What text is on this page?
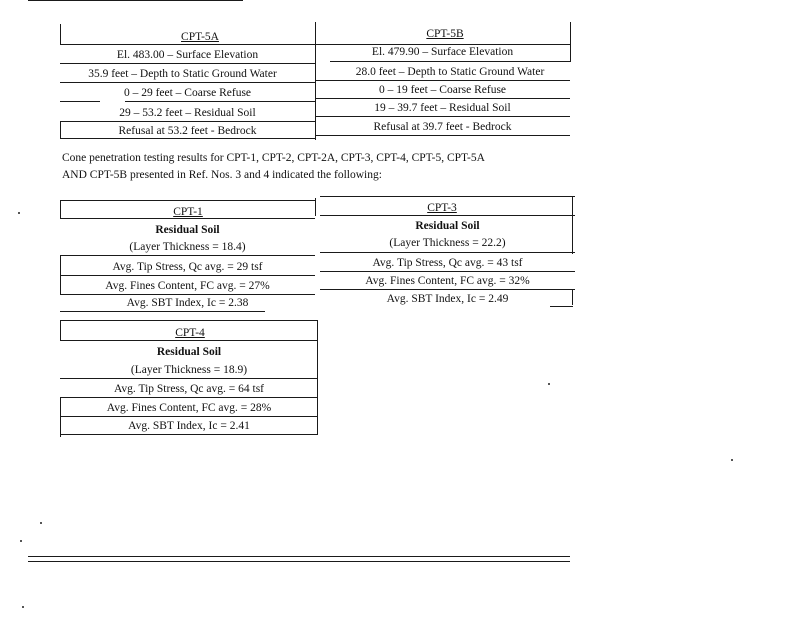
CPT-5A	CPT-5B
El. 483.00 – Surface Elevation
35.9 feet – Depth to Static Ground Water
0 – 29 feet – Coarse Refuse
29 – 53.2 feet – Residual Soil
Refusal at 53.2 feet - Bedrock
El. 479.90 – Surface Elevation
28.0 feet – Depth to Static Ground Water
0 – 19 feet – Coarse Refuse
19 – 39.7 feet – Residual Soil
Refusal at 39.7 feet - Bedrock
Cone penetration testing results for CPT-1, CPT-2, CPT-2A, CPT-3, CPT-4, CPT-5, CPT-5A
AND CPT-5B presented in Ref. Nos. 3 and 4 indicated the following:
CPT-1
Residual Soil
(Layer Thickness = 18.4)
Avg. Tip Stress, Qc avg. = 29 tsf
Avg. Fines Content, FC avg. = 27%
Avg. SBT Index, Ic = 2.38
CPT-3
Residual Soil
(Layer Thickness = 22.2)
Avg. Tip Stress, Qc avg. = 43 tsf
Avg. Fines Content, FC avg. = 32%
Avg. SBT Index, Ic = 2.49
CPT-4
Residual Soil
(Layer Thickness = 18.9)
Avg. Tip Stress, Qc avg. = 64 tsf
Avg. Fines Content, FC avg. = 28%
Avg. SBT Index, Ic = 2.41
